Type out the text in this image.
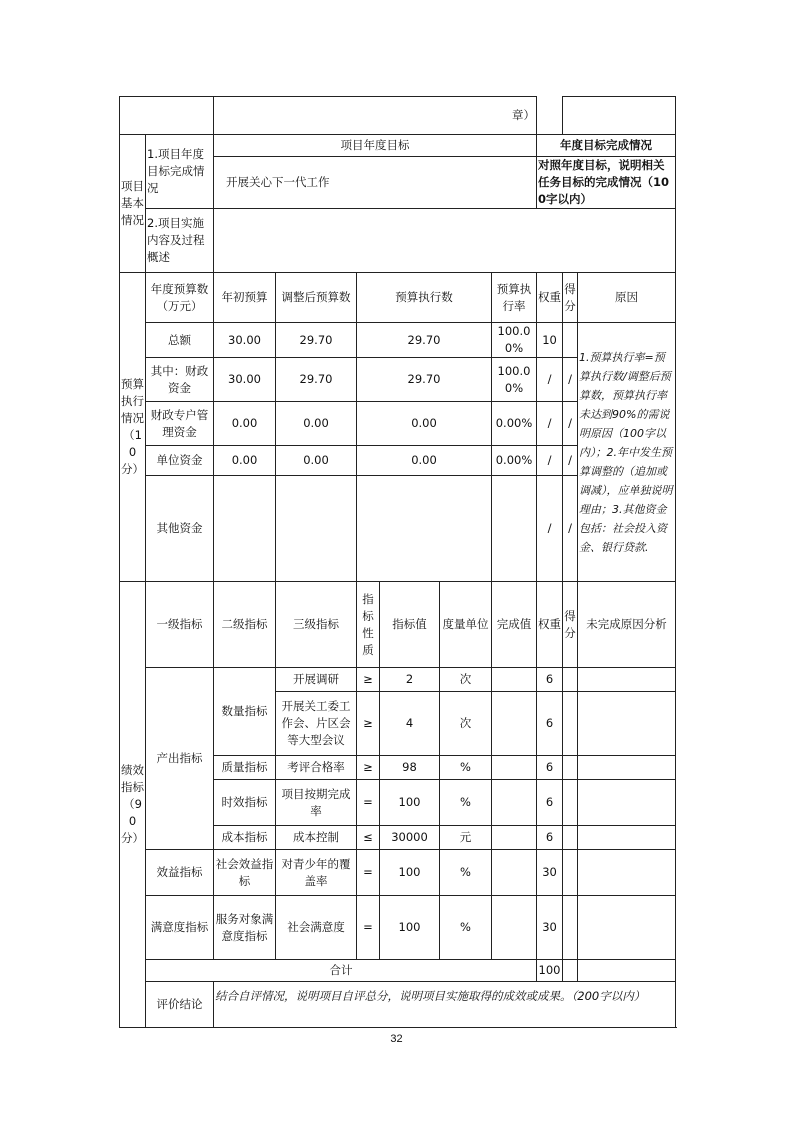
		章）								
项目基本情况	1.项目年度目标完成情况	项目年度目标						年度目标完成情况		
		开展关心下一代工作						对照年度目标，说明相关任务目标的完成情况（100字以内）		
	2.项目实施内容及过程概述									
预算执行情况（10分）	年度预算数（万元）	年初预算	调整后预算数	预算执行数			预算执行率	权重	得分	原因
	总额	30.00	29.70	29.70			100.00%	10		1.预算执行率=预算执行数/调整后预算数，预算执行率未达到90%的需说明原因（100字以内）；2.年中发生预算调整的（追加或调减），应单独说明理由；3.其他资金包括：社会投入资金、银行贷款.
	其中：财政资金	30.00	29.70	29.70			100.00%	/	/	
	财政专户管理资金	0.00	0.00	0.00			0.00%	/	/	
	单位资金	0.00	0.00	0.00			0.00%	/	/	
	其他资金							/	/	
绩效指标（90分）	一级指标	二级指标	三级指标	指标性质	指标值	度量单位	完成值	权重	得分	未完成原因分析
	产出指标	数量指标	开展调研	≥	2	次		6		
			开展关工委工作会、片区会等大型会议	≥	4	次		6		
		质量指标	考评合格率	≥	98	%		6		
		时效指标	项目按期完成率	=	100	%		6		
		成本指标	成本控制	≤	30000	元		6		
	效益指标	社会效益指标	对青少年的覆盖率	=	100	%		30		
	满意度指标	服务对象满意度指标	社会满意度	=	100	%		30		
	合计							100		
	评价结论	结合自评情况，说明项目自评总分，说明项目实施取得的成效或成果。（200字以内）								
32
